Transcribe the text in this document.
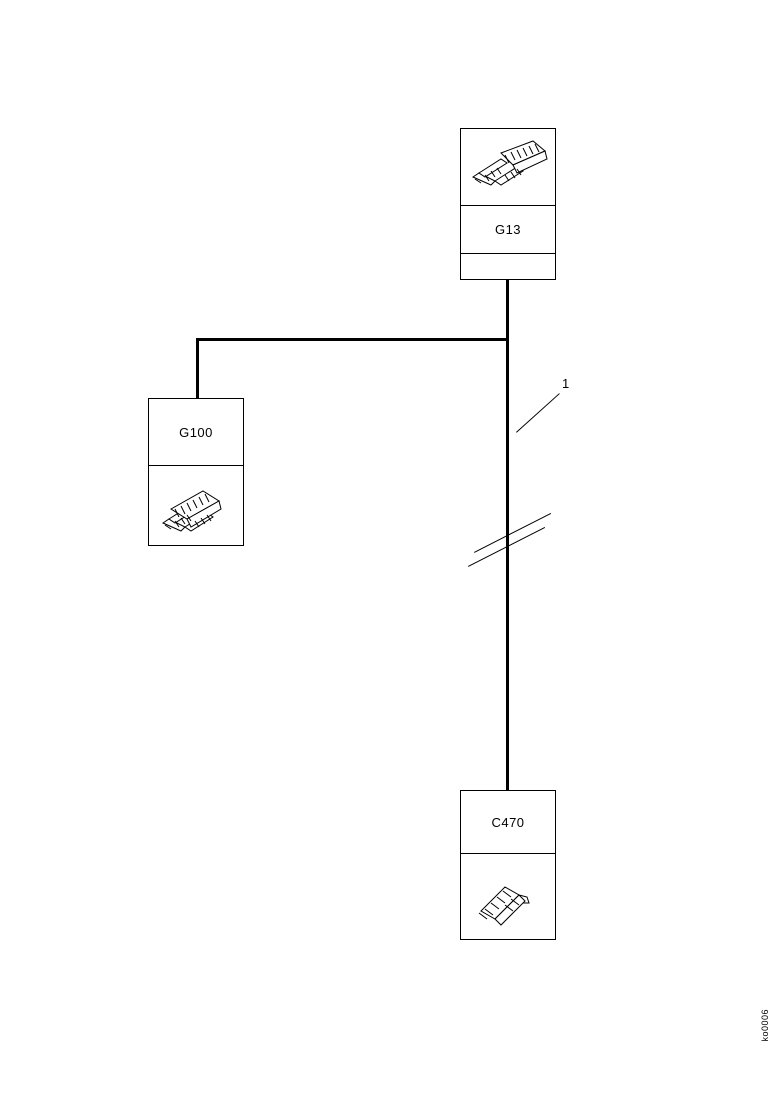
1
G13
G100
C470
ko0006
